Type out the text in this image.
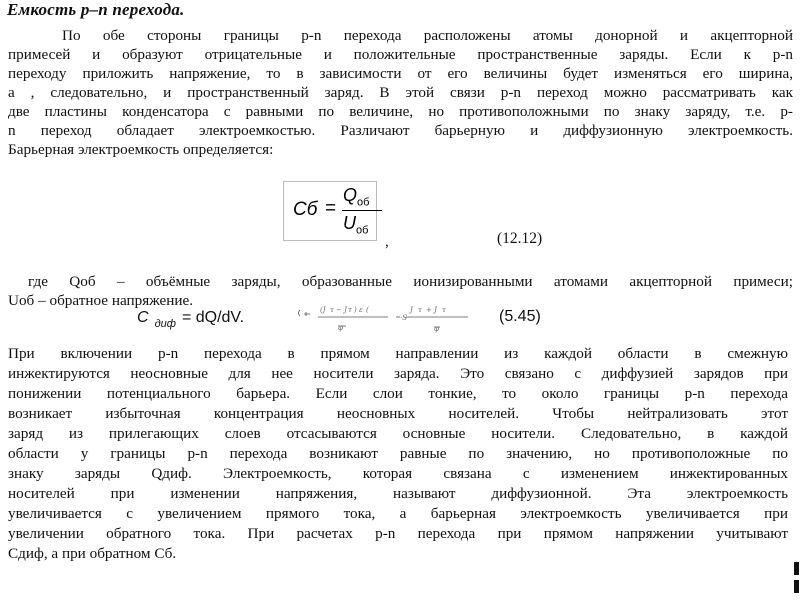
Емкость p–n перехода.
По обе стороны границы p-n перехода расположены атомы донорной и акцепторной
примесей и образуют отрицательные и положительные пространственные заряды. Если к p-n
переходу приложить напряжение, то в зависимости от его величины будет изменяться его ширина,
а , следовательно, и пространственный заряд. В этой связи p-n переход можно рассматривать как
две пластины конденсатора с равными по величине, но противоположными по знаку заряду, т.е. p-
n переход обладает электроемкостью. Различают барьерную и диффузионную электроемкость.
Барьерная электроемкость определяется:
Сб =
$Q_{об}$
$U_{об}$
,	(12.12)
где Qоб – объёмные заряды, образованные ионизированными атомами акцепторной примеси;
Uоб – обратное напряжение.
C $_{диф}$ = dQ/dV.	(J τ − J τ ) ε (
φ
·S
J τ + J τ
φ
(5.45)
При включении p-n перехода в прямом направлении из каждой области в смежную
инжектируются неосновные для нее носители заряда. Это связано с диффузией зарядов при
понижении потенциального барьера. Если слои тонкие, то около границы p-n перехода
возникает избыточная концентрация неосновных носителей. Чтобы нейтрализовать этот
заряд из прилегающих слоев отсасываются основные носители. Следовательно, в каждой
области у границы p-n перехода возникают равные по значению, но противоположные по
знаку заряды Qдиф. Электроемкость, которая связана с изменением инжектированных
носителей при изменении напряжения, называют диффузионной. Эта электроемкость
увеличивается с увеличением прямого тока, а барьерная электроемкость увеличивается при
увеличении обратного тока. При расчетах p-n перехода при прямом напряжении учитывают
Сдиф, а при обратном Сб.
